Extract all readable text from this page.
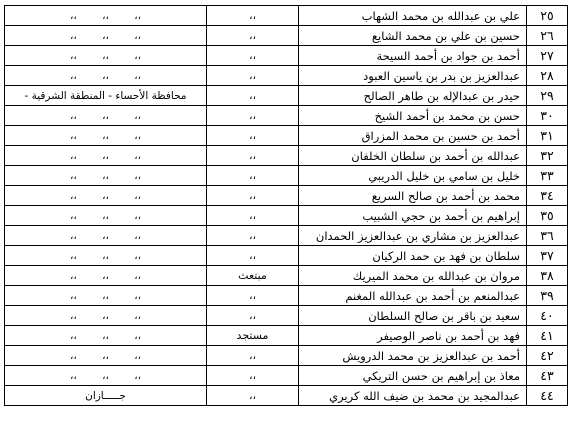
٢٥	علي بن عبدالله بن محمد الشهاب	،،	،، ،، ،،
٢٦	حسين بن علي بن محمد الشايع	،،	،، ،، ،،
٢٧	أحمد بن جواد بن أحمد السيحة	،،	،، ،، ،،
٢٨	عبدالعزيز بن بدر بن ياسين العبود	،،	،، ،، ،،
٢٩	حيدر بن عبدالإله بن طاهر الصالح	،،	محافظة الأحساء - المنطقة الشرقية -
٣٠	حسن بن محمد بن أحمد الشيخ	،،	،، ،، ،،
٣١	أحمد بن حسين بن محمد المزراق	،،	،، ،، ،،
٣٢	عبدالله بن أحمد بن سلطان الخلفان	،،	،، ،، ،،
٣٣	خليل بن سامي بن خليل الدريبي	،،	،، ،، ،،
٣٤	محمد بن أحمد بن صالح السريع	،،	،، ،، ،،
٣٥	إبراهيم بن أحمد بن حجي الشبيب	،،	،، ،، ،،
٣٦	عبدالعزيز بن مشاري بن عبدالعزيز الحمدان	،،	،، ،، ،،
٣٧	سلطان بن فهد بن حمد الركيان	،،	،، ،، ،،
٣٨	مروان بن عبدالله بن محمد الميريك	مبتعث	،، ،، ،،
٣٩	عبدالمنعم بن أحمد بن عبدالله المغنم	،،	،، ،، ،،
٤٠	سعيد بن باقر بن صالح السلطان	،،	،، ،، ،،
٤١	فهد بن أحمد بن ناصر الوصيفر	مستجد	،، ،، ،،
٤٢	أحمد بن عبدالعزيز بن محمد الدرويش	،،	،، ،، ،،
٤٣	معاذ بن إبراهيم بن حسن التريكي	،،	،، ،، ،،
٤٤	عبدالمجيد بن محمد بن ضيف الله كريري	،،	جـــــازان
